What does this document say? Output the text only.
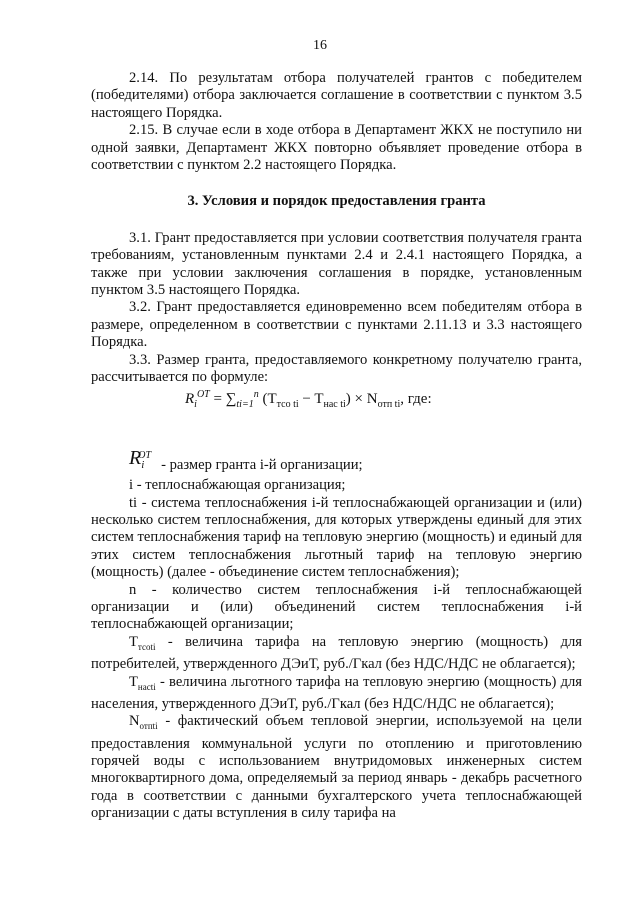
16

2.14. По результатам отбора получателей грантов с победителем (победителями) отбора заключается соглашение в соответствии с пунктом 3.5 настоящего Порядка.

2.15. В случае если в ходе отбора в Департамент ЖКХ не поступило ни одной заявки, Департамент ЖКХ повторно объявляет проведение отбора в соответствии с пунктом 2.2 настоящего Порядка.

3. Условия и порядок предоставления гранта

3.1. Грант предоставляется при условии соответствия получателя гранта требованиям, установленным пунктами 2.4 и 2.4.1 настоящего Порядка, а также при условии заключения соглашения в порядке, установленным пунктом 3.5 настоящего Порядка.

3.2. Грант предоставляется единовременно всем победителям отбора в размере, определенном в соответствии с пунктами 2.11.13 и 3.3 настоящего Порядка.

3.3. Размер гранта, предоставляемого конкретному получателю гранта, рассчитывается по формуле:

$R_i^{OT} = \sum_{ti=1}^n$ $(T_{тсо ti} - T_{нас ti}) \times N_{отп ti}$, где:
$R_i^{OT}$
- размер гранта i-й организации;

i - теплоснабжающая организация;

ti - система теплоснабжения i-й теплоснабжающей организации и (или) несколько систем теплоснабжения, для которых утверждены единый для этих систем теплоснабжения тариф на тепловую энергию (мощность) и единый для этих систем теплоснабжения льготный тариф на тепловую энергию (мощность) (далее - объединение систем теплоснабжения);

n - количество систем теплоснабжения i-й теплоснабжающей организации и (или) объединений систем теплоснабжения i-й теплоснабжающей организации;

$T_{тсоti}$ - величина тарифа на тепловую энергию (мощность) для потребителей, утвержденного ДЭиТ, руб./Гкал (без НДС/НДС не облагается);

$T_{насti}$ - величина льготного тарифа на тепловую энергию (мощность) для населения, утвержденного ДЭиТ, руб./Гкал (без НДС/НДС не облагается);

$N_{отпti}$ - фактический объем тепловой энергии, используемой на цели предоставления коммунальной услуги по отоплению и приготовлению горячей воды с использованием внутридомовых инженерных систем многоквартирного дома, определяемый за период январь - декабрь расчетного года в соответствии с данными бухгалтерского учета теплоснабжающей организации с даты вступления в силу тарифа на
